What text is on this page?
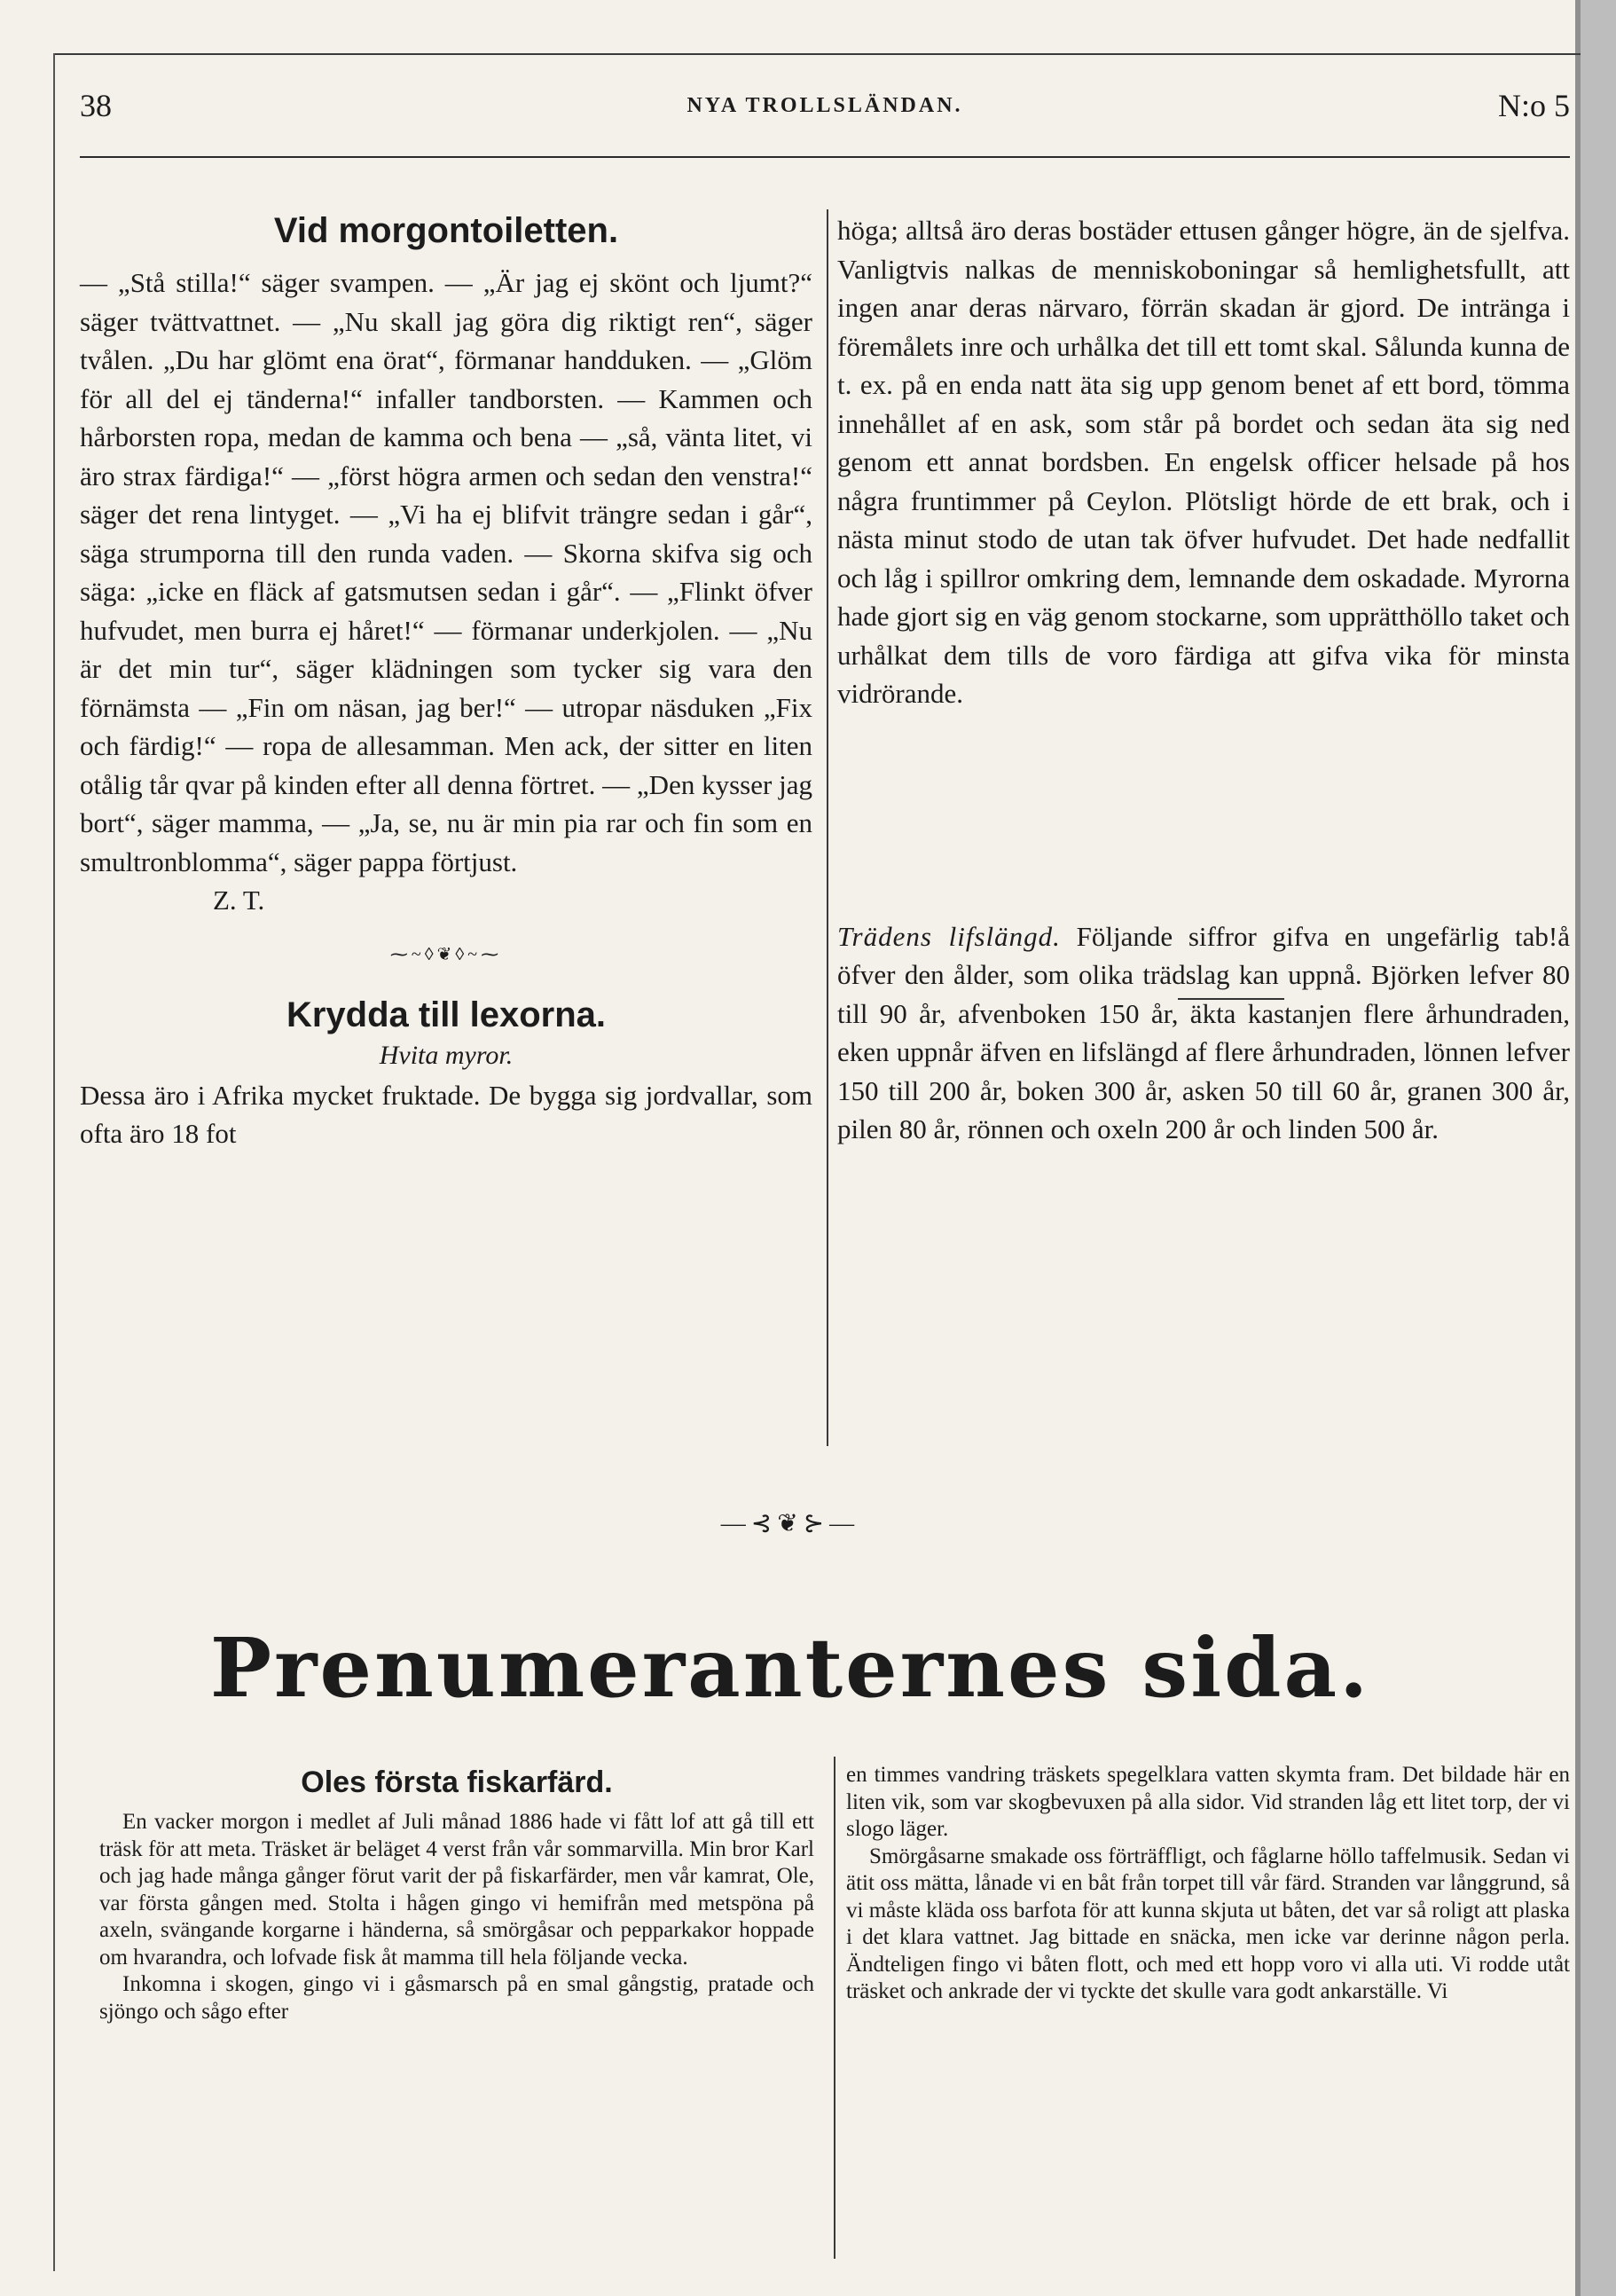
38	NYA TROLLSLÄNDAN.	N:o 5
Vid morgontoiletten.

— „Stå stilla!“ säger svampen. — „Är jag ej skönt och ljumt?“ säger tvättvattnet. — „Nu skall jag göra dig riktigt ren“, säger tvålen. „Du har glömt ena örat“, förmanar handduken. — „Glöm för all del ej tänderna!“ infaller tandborsten. — Kammen och hårborsten ropa, medan de kamma och bena — „så, vänta litet, vi äro strax färdiga!“ — „först högra armen och sedan den venstra!“ säger det rena lintyget. — „Vi ha ej blifvit trängre sedan i går“, säga strumporna till den runda vaden. — Skorna skifva sig och säga: „icke en fläck af gatsmutsen sedan i går“. — „Flinkt öfver hufvudet, men burra ej håret!“ — förmanar underkjolen. — „Nu är det min tur“, säger klädningen som tycker sig vara den förnämsta — „Fin om näsan, jag ber!“ — utropar näsduken „Fix och färdig!“ — ropa de allesamman. Men ack, der sitter en liten otålig tår qvar på kinden efter all denna förtret. — „Den kysser jag bort“, säger mamma, — „Ja, se, nu är min pia rar och fin som en smultronblomma“, säger pappa förtjust.

Z. T.

⁓~◊❦◊~⁓
Krydda till lexorna.
Hvita myror.

Dessa äro i Afrika mycket fruktade. De bygga sig jordvallar, som ofta äro 18 fot

höga; alltså äro deras bostäder ettusen gånger högre, än de sjelfva. Vanligtvis nalkas de menniskoboningar så hemlighetsfullt, att ingen anar deras närvaro, förrän skadan är gjord. De intränga i föremålets inre och urhålka det till ett tomt skal. Sålunda kunna de t. ex. på en enda natt äta sig upp genom benet af ett bord, tömma innehållet af en ask, som står på bordet och sedan äta sig ned genom ett annat bordsben. En engelsk officer helsade på hos några fruntimmer på Ceylon. Plötsligt hörde de ett brak, och i nästa minut stodo de utan tak öfver hufvudet. Det hade nedfallit och låg i spillror omkring dem, lemnande dem oskadade. Myrorna hade gjort sig en väg genom stockarne, som upprätthöllo taket och urhålkat dem tills de voro färdiga att gifva vika för minsta vidrörande.

Trädens lifslängd. Följande siffror gifva en ungefärlig tab!å öfver den ålder, som olika trädslag kan uppnå. Björken lefver 80 till 90 år, afvenboken 150 år, äkta kastanjen flere århundraden, eken uppnår äfven en lifslängd af flere århundraden, lönnen lefver 150 till 200 år, boken 300 år, asken 50 till 60 år, granen 300 år, pilen 80 år, rönnen och oxeln 200 år och linden 500 år.

—⊰❦⊱—
Prenumeranternes sida.
Oles första fiskarfärd.

En vacker morgon i medlet af Juli månad 1886 hade vi fått lof att gå till ett träsk för att meta. Träsket är beläget 4 verst från vår sommarvilla. Min bror Karl och jag hade många gånger förut varit der på fiskarfärder, men vår kamrat, Ole, var första gången med. Stolta i hågen gingo vi hemifrån med metspöna på axeln, svängande korgarne i händerna, så smörgåsar och pepparkakor hoppade om hvarandra, och lofvade fisk åt mamma till hela följande vecka.

Inkomna i skogen, gingo vi i gåsmarsch på en smal gångstig, pratade och sjöngo och sågo efter

en timmes vandring träskets spegelklara vatten skymta fram. Det bildade här en liten vik, som var skogbevuxen på alla sidor. Vid stranden låg ett litet torp, der vi slogo läger.

Smörgåsarne smakade oss förträffligt, och fåglarne höllo taffelmusik. Sedan vi ätit oss mätta, lånade vi en båt från torpet till vår färd. Stranden var långgrund, så vi måste kläda oss barfota för att kunna skjuta ut båten, det var så roligt att plaska i det klara vattnet. Jag bittade en snäcka, men icke var derinne någon perla. Ändteligen fingo vi båten flott, och med ett hopp voro vi alla uti. Vi rodde utåt träsket och ankrade der vi tyckte det skulle vara godt ankarställe. Vi
